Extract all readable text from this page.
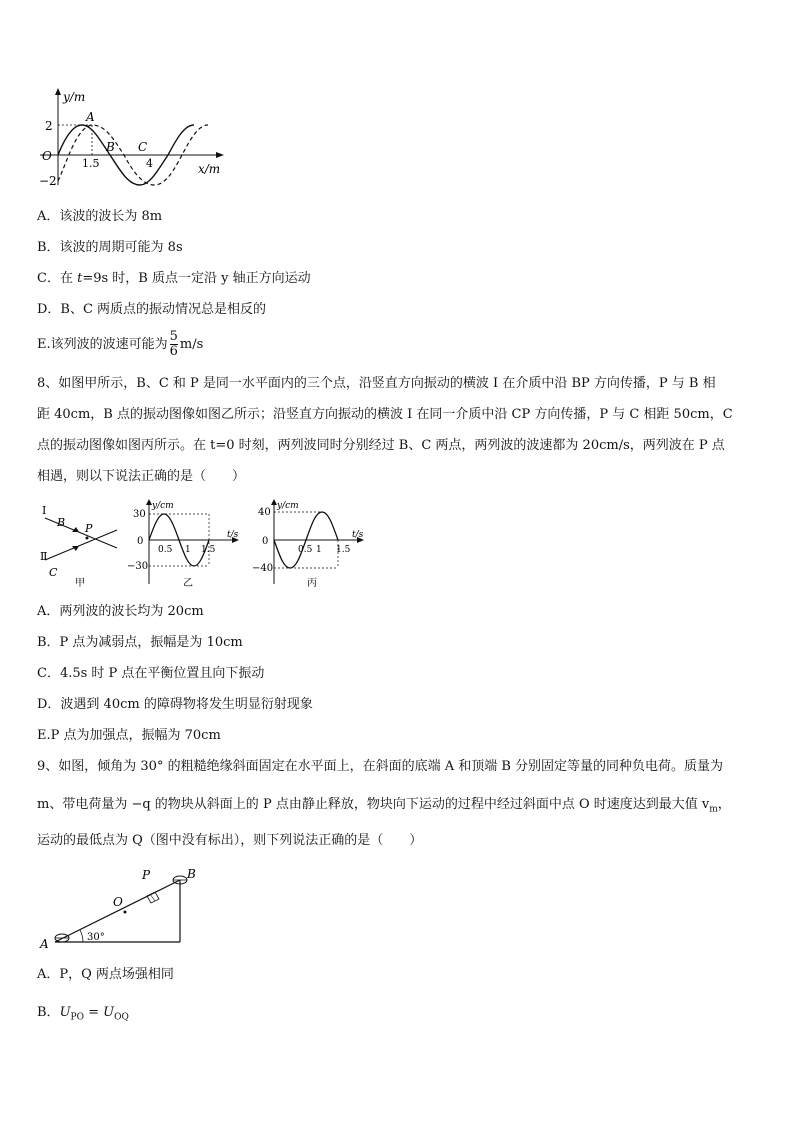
y/m
x/m
O
2
−2
1.5	4
A
B C
A．该波的波长为 8m
B．该波的周期可能为 8s
C．在 t=9s 时，B 质点一定沿 y 轴正方向运动
D．B、C 两质点的振动情况总是相反的
E.该列波的波速可能为 $\frac{5}{6} m/s$
8、如图甲所示，B、C 和 P 是同一水平面内的三个点，沿竖直方向振动的横波 I 在介质中沿 BP 方向传播，P 与 B 相
距 40cm，B 点的振动图像如图乙所示；沿竖直方向振动的横波 I 在同一介质中沿 CP 方向传播，P 与 C 相距 50cm，C
点的振动图像如图丙所示。在 t=0 时刻，两列波同时分别经过 B、C 两点，两列波的波速都为 20cm/s，两列波在 P 点
相遇，则以下说法正确的是（　　）
I
B P
Ⅱ
C
甲
y/cm
t/s
0
30
−30
0.5 1 1.5
乙
y/cm
t/s
0
40
−40
0.5 1 1.5
丙
A．两列波的波长均为 20cm
B．P 点为减弱点，振幅是为 10cm
C．4.5s 时 P 点在平衡位置且向下振动
D．波遇到 40cm 的障碍物将发生明显衍射现象
E.P 点为加强点，振幅为 70cm
9、如图，倾角为 30° 的粗糙绝缘斜面固定在水平面上，在斜面的底端 A 和顶端 B 分别固定等量的同种负电荷。质量为
m、带电荷量为 −q 的物块从斜面上的 P 点由静止释放，物块向下运动的过程中经过斜面中点 O 时速度达到最大值 $v_m$，
运动的最低点为 Q（图中没有标出），则下列说法正确的是（　　）
A
B
O
P
30°
A．P，Q 两点场强相同
B．$U_{PO} = U_{OQ}$
